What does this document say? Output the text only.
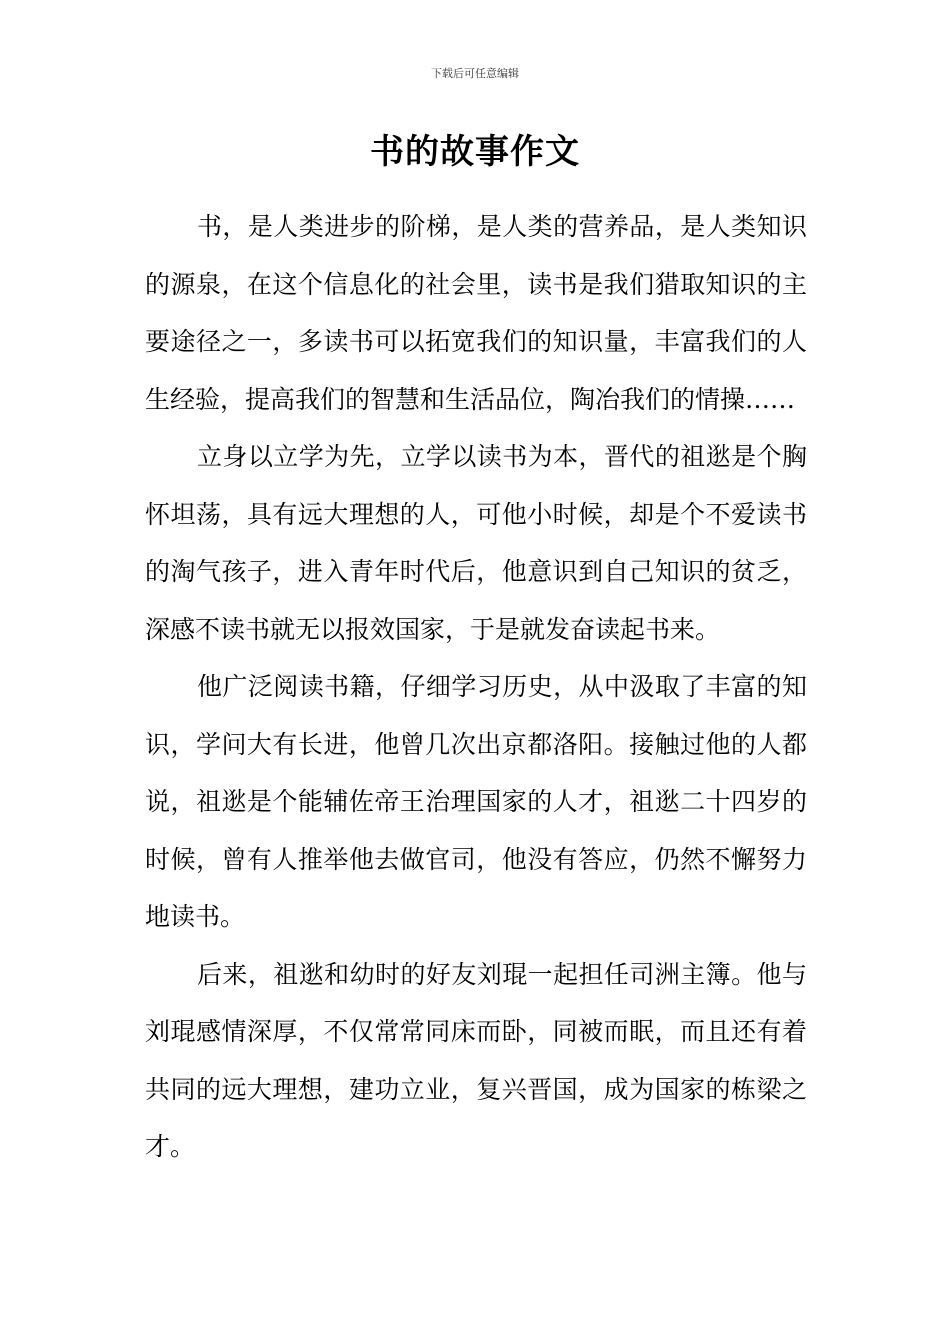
下载后可任意编辑
书的故事作文

书，是人类进步的阶梯，是人类的营养品，是人类知识的源泉，在这个信息化的社会里，读书是我们猎取知识的主要途径之一，多读书可以拓宽我们的知识量，丰富我们的人生经验，提高我们的智慧和生活品位，陶冶我们的情操……

立身以立学为先，立学以读书为本，晋代的祖逖是个胸怀坦荡，具有远大理想的人，可他小时候，却是个不爱读书的淘气孩子，进入青年时代后，他意识到自己知识的贫乏，深感不读书就无以报效国家，于是就发奋读起书来。

他广泛阅读书籍，仔细学习历史，从中汲取了丰富的知识，学问大有长进，他曾几次出京都洛阳。接触过他的人都说，祖逖是个能辅佐帝王治理国家的人才，祖逖二十四岁的时候，曾有人推举他去做官司，他没有答应，仍然不懈努力地读书。

后来，祖逖和幼时的好友刘琨一起担任司洲主簿。他与刘琨感情深厚，不仅常常同床而卧，同被而眠，而且还有着共同的远大理想，建功立业，复兴晋国，成为国家的栋梁之才。
